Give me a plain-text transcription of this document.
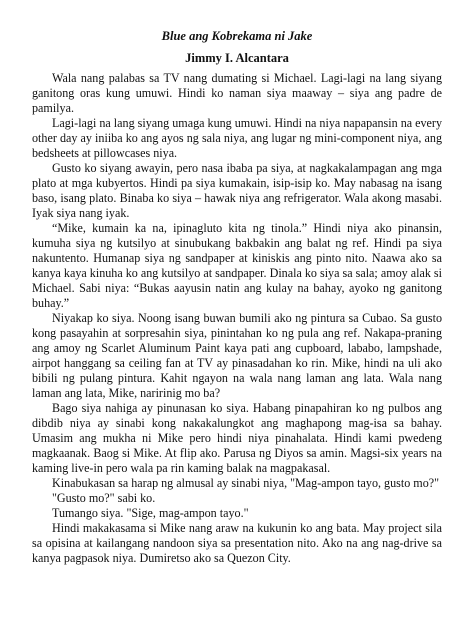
Blue ang Kobrekama ni Jake
Jimmy I. Alcantara

Wala nang palabas sa TV nang dumating si Michael. Lagi-lagi na lang siyang ganitong oras kung umuwi. Hindi ko naman siya maaway – siya ang padre de pamilya.

Lagi-lagi na lang siyang umaga kung umuwi. Hindi na niya napapansin na every other day ay iniiba ko ang ayos ng sala niya, ang lugar ng mini-component niya, ang bedsheets at pillowcases niya.

Gusto ko siyang awayin, pero nasa ibaba pa siya, at nagkakalampagan ang mga plato at mga kubyertos. Hindi pa siya kumakain, isip-isip ko. May nabasag na isang baso, isang plato. Binaba ko siya – hawak niya ang refrigerator. Wala akong masabi. Iyak siya nang iyak.

“Mike, kumain ka na, ipinagluto kita ng tinola.” Hindi niya ako pinansin, kumuha siya ng kutsilyo at sinubukang bakbakin ang balat ng ref. Hindi pa siya nakuntento. Humanap siya ng sandpaper at kiniskis ang pinto nito. Naawa ako sa kanya kaya kinuha ko ang kutsilyo at sandpaper. Dinala ko siya sa sala; amoy alak si Michael. Sabi niya: “Bukas aayusin natin ang kulay na bahay, ayoko ng ganitong buhay.”

Niyakap ko siya. Noong isang buwan bumili ako ng pintura sa Cubao. Sa gusto kong pasayahin at sorpresahin siya, pinintahan ko ng pula ang ref. Nakapa-praning ang amoy ng Scarlet Aluminum Paint kaya pati ang cupboard, lababo, lampshade, airpot hanggang sa ceiling fan at TV ay pinasadahan ko rin. Mike, hindi na uli ako bibili ng pulang pintura. Kahit ngayon na wala nang laman ang lata. Wala nang laman ang lata, Mike, naririnig mo ba?

Bago siya nahiga ay pinunasan ko siya. Habang pinapahiran ko ng pulbos ang dibdib niya ay sinabi kong nakakalungkot ang maghapong mag-isa sa bahay. Umasim ang mukha ni Mike pero hindi niya pinahalata. Hindi kami pwedeng magkaanak. Baog si Mike. At flip ako. Parusa ng Diyos sa amin. Magsi-six years na kaming live-in pero wala pa rin kaming balak na magpakasal.

Kinabukasan sa harap ng almusal ay sinabi niya, "Mag-ampon tayo, gusto mo?"

"Gusto mo?" sabi ko.

Tumango siya. "Sige, mag-ampon tayo."

Hindi makakasama si Mike nang araw na kukunin ko ang bata. May project sila sa opisina at kailangang nandoon siya sa presentation nito. Ako na ang nag-drive sa kanya pagpasok niya. Dumiretso ako sa Quezon City.
